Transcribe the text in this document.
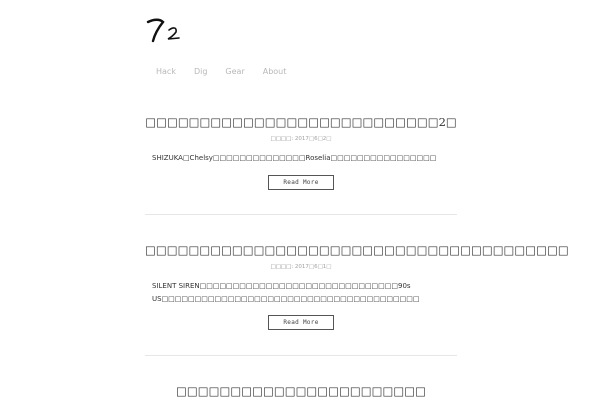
Hack Dig Gear About
□□□□□□□□□□□□□□□□□□□□□□□□□□□2□
□□□□: 2017□6□2□
SHIZUKA□Chelsy□□□□□□□□□□□□□□Roselia□□□□□□□□□□□□□□□□
Read More
□□□□□□□□□□□□□□□□□□□□□□□□□□□□□□□□□□□□□□□
□□□□: 2017□6□1□
SILENT SIREN□□□□□□□□□□□□□□□□□□□□□□□□□□□□□□90s US□□□□□□□□□□□□□□□□□□□□□□□□□□□□□□□□□□□□□□□
Read More
□□□□□□□□□□□□□□□□□□□□□□□
